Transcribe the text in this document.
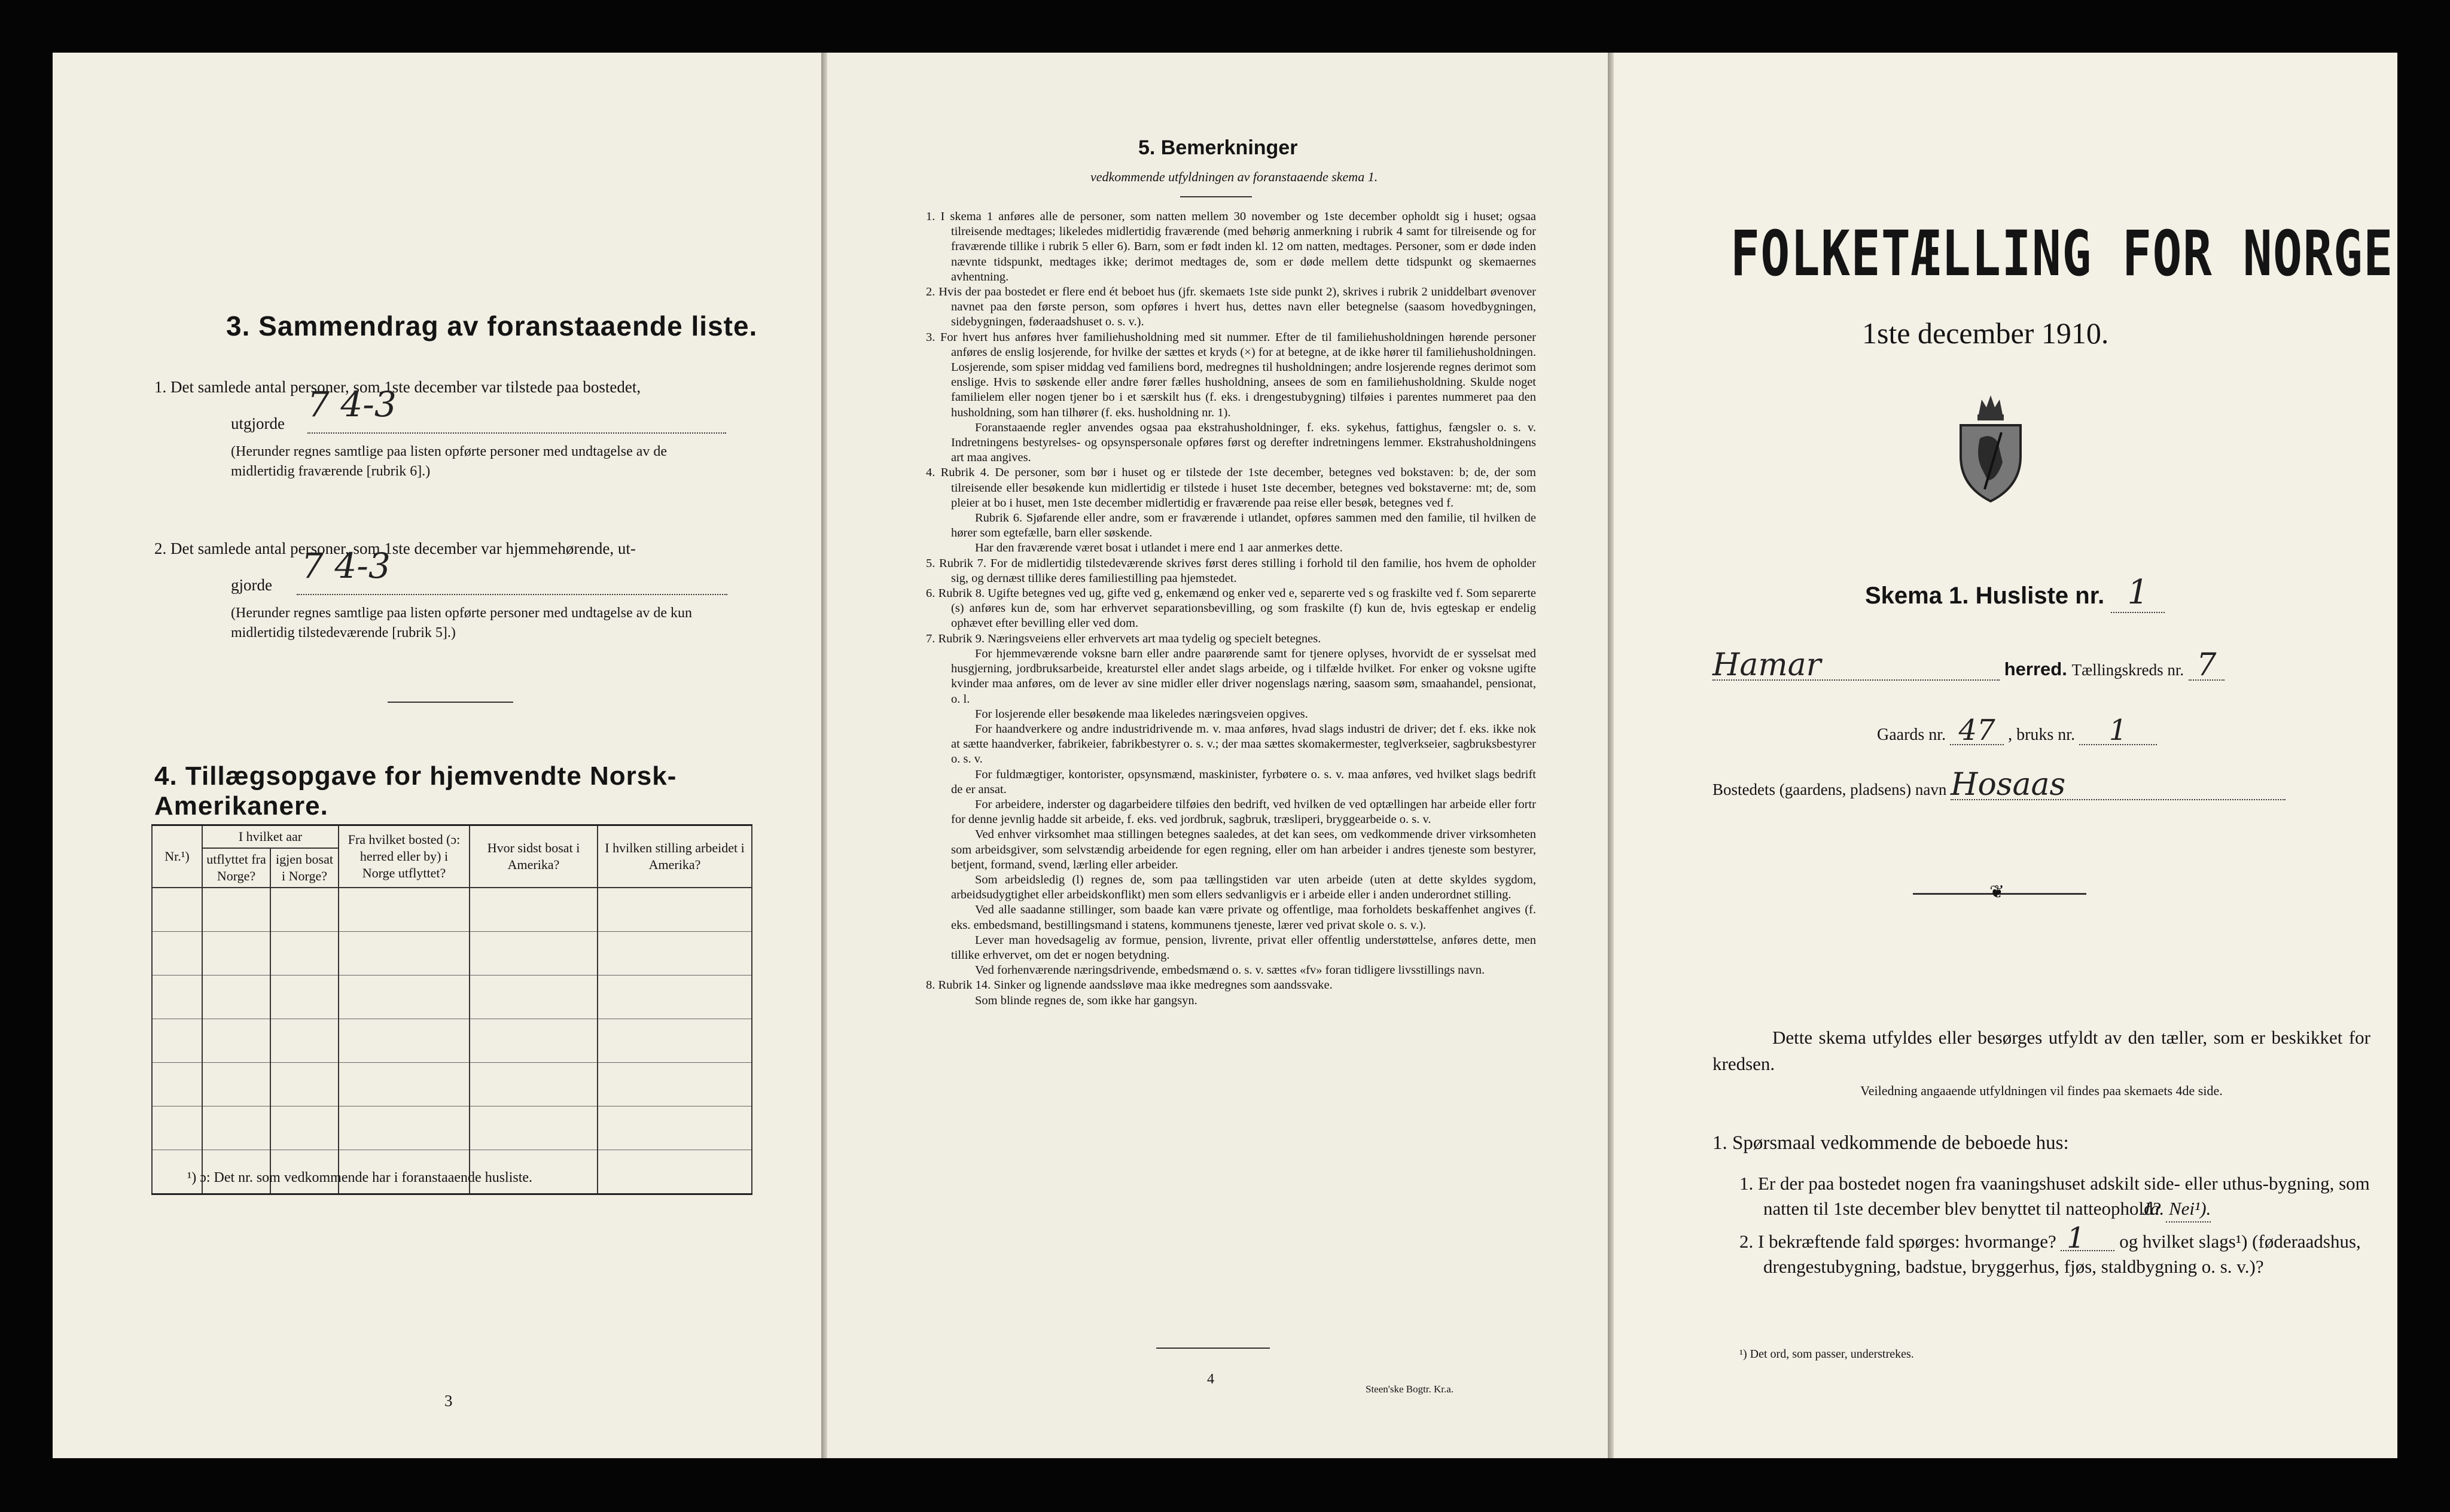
3. Sammendrag av foranstaaende liste.
1. Det samlede antal personer, som 1ste december var tilstede paa bostedet,
utgjorde 7 4-3
(Herunder regnes samtlige paa listen opførte personer med undtagelse av de midlertidig fraværende [rubrik 6].)
2. Det samlede antal personer, som 1ste december var hjemmehørende, ut-
gjorde 7 4-3
(Herunder regnes samtlige paa listen opførte personer med undtagelse av de kun midlertidig tilstedeværende [rubrik 5].)
4. Tillægsopgave for hjemvendte Norsk-Amerikanere.
Nr.¹)	I hvilket aar		Fra hvilket bosted (ɔ: herred eller by) i Norge utflyttet?	Hvor sidst bosat i Amerika?	I hvilken stilling arbeidet i Amerika?
	utflyttet fra Norge?	igjen bosat i Norge?			

¹) ɔ: Det nr. som vedkommende har i foranstaaende husliste.
3
5. Bemerkninger
vedkommende utfyldningen av foranstaaende skema 1.

1. I skema 1 anføres alle de personer, som natten mellem 30 november og 1ste december opholdt sig i huset; ogsaa tilreisende medtages; likeledes midlertidig fraværende (med behørig anmerkning i rubrik 4 samt for tilreisende og for fraværende tillike i rubrik 5 eller 6). Barn, som er født inden kl. 12 om natten, medtages. Personer, som er døde inden nævnte tidspunkt, medtages ikke; derimot medtages de, som er døde mellem dette tidspunkt og skemaernes avhentning.

2. Hvis der paa bostedet er flere end ét beboet hus (jfr. skemaets 1ste side punkt 2), skrives i rubrik 2 uniddelbart øvenover navnet paa den første person, som opføres i hvert hus, dettes navn eller betegnelse (saasom hovedbygningen, sidebygningen, føderaadshuset o. s. v.).

3. For hvert hus anføres hver familiehusholdning med sit nummer. Efter de til familiehusholdningen hørende personer anføres de enslig losjerende, for hvilke der sættes et kryds (×) for at betegne, at de ikke hører til familiehusholdningen. Losjerende, som spiser middag ved familiens bord, medregnes til husholdningen; andre losjerende regnes derimot som enslige. Hvis to søskende eller andre fører fælles husholdning, ansees de som en familiehusholdning. Skulde noget familielem eller nogen tjener bo i et særskilt hus (f. eks. i drengestubygning) tilføies i parentes nummeret paa den husholdning, som han tilhører (f. eks. husholdning nr. 1).

Foranstaaende regler anvendes ogsaa paa ekstrahusholdninger, f. eks. sykehus, fattighus, fængsler o. s. v. Indretningens bestyrelses- og opsynspersonale opføres først og derefter indretningens lemmer. Ekstrahusholdningens art maa angives.

4. Rubrik 4. De personer, som bør i huset og er tilstede der 1ste december, betegnes ved bokstaven: b; de, der som tilreisende eller besøkende kun midlertidig er tilstede i huset 1ste december, betegnes ved bokstaverne: mt; de, som pleier at bo i huset, men 1ste december midlertidig er fraværende paa reise eller besøk, betegnes ved f.

Rubrik 6. Sjøfarende eller andre, som er fraværende i utlandet, opføres sammen med den familie, til hvilken de hører som egtefælle, barn eller søskende.

Har den fraværende været bosat i utlandet i mere end 1 aar anmerkes dette.

5. Rubrik 7. For de midlertidig tilstedeværende skrives først deres stilling i forhold til den familie, hos hvem de opholder sig, og dernæst tillike deres familiestilling paa hjemstedet.

6. Rubrik 8. Ugifte betegnes ved ug, gifte ved g, enkemænd og enker ved e, separerte ved s og fraskilte ved f. Som separerte (s) anføres kun de, som har erhvervet separationsbevilling, og som fraskilte (f) kun de, hvis egteskap er endelig ophævet efter bevilling eller ved dom.

7. Rubrik 9. Næringsveiens eller erhvervets art maa tydelig og specielt betegnes.

For hjemmeværende voksne barn eller andre paarørende samt for tjenere oplyses, hvorvidt de er sysselsat med husgjerning, jordbruksarbeide, kreaturstel eller andet slags arbeide, og i tilfælde hvilket. For enker og voksne ugifte kvinder maa anføres, om de lever av sine midler eller driver nogenslags næring, saasom søm, smaahandel, pensionat, o. l.

For losjerende eller besøkende maa likeledes næringsveien opgives.

For haandverkere og andre industridrivende m. v. maa anføres, hvad slags industri de driver; det f. eks. ikke nok at sætte haandverker, fabrikeier, fabrikbestyrer o. s. v.; der maa sættes skomakermester, teglverkseier, sagbruksbestyrer o. s. v.

For fuldmægtiger, kontorister, opsynsmænd, maskinister, fyrbøtere o. s. v. maa anføres, ved hvilket slags bedrift de er ansat.

For arbeidere, inderster og dagarbeidere tilføies den bedrift, ved hvilken de ved optællingen har arbeide eller fortr for denne jevnlig hadde sit arbeide, f. eks. ved jordbruk, sagbruk, træsliperi, bryggearbeide o. s. v.

Ved enhver virksomhet maa stillingen betegnes saaledes, at det kan sees, om vedkommende driver virksomheten som arbeidsgiver, som selvstændig arbeidende for egen regning, eller om han arbeider i andres tjeneste som bestyrer, betjent, formand, svend, lærling eller arbeider.

Som arbeidsledig (l) regnes de, som paa tællingstiden var uten arbeide (uten at dette skyldes sygdom, arbeidsudygtighet eller arbeidskonflikt) men som ellers sedvanligvis er i arbeide eller i anden underordnet stilling.

Ved alle saadanne stillinger, som baade kan være private og offentlige, maa forholdets beskaffenhet angives (f. eks. embedsmand, bestillingsmand i statens, kommunens tjeneste, lærer ved privat skole o. s. v.).

Lever man hovedsagelig av formue, pension, livrente, privat eller offentlig understøttelse, anføres dette, men tillike erhvervet, om det er nogen betydning.

Ved forhenværende næringsdrivende, embedsmænd o. s. v. sættes «fv» foran tidligere livsstillings navn.

8. Rubrik 14. Sinker og lignende aandssløve maa ikke medregnes som aandssvake.

Som blinde regnes de, som ikke har gangsyn.

4
Steen'ske Bogtr. Kr.a.
FOLKETÆLLING FOR NORGE
1ste december 1910.
Skema 1. Husliste nr. 1
Hamar	herred. Tællingskreds nr. 7
Gaards nr. 47 , bruks nr. 1
Bostedets (gaardens, pladsens) navn Hosaas
❦
Dette skema utfyldes eller besørges utfyldt av den tæller, som er beskikket for kredsen.
Veiledning angaaende utfyldningen vil findes paa skemaets 4de side.
1. Spørsmaal vedkommende de beboede hus:
1. Er der paa bostedet nogen fra vaaningshuset adskilt side- eller uthus-bygning, som natten til 1ste december blev benyttet til natteophold? Ja. Nei¹).
2. I bekræftende fald spørges: hvormange? 1 og hvilket slags¹) (føderaadshus, drengestubygning, badstue, bryggerhus, fjøs, staldbygning o. s. v.)?
¹) Det ord, som passer, understrekes.
